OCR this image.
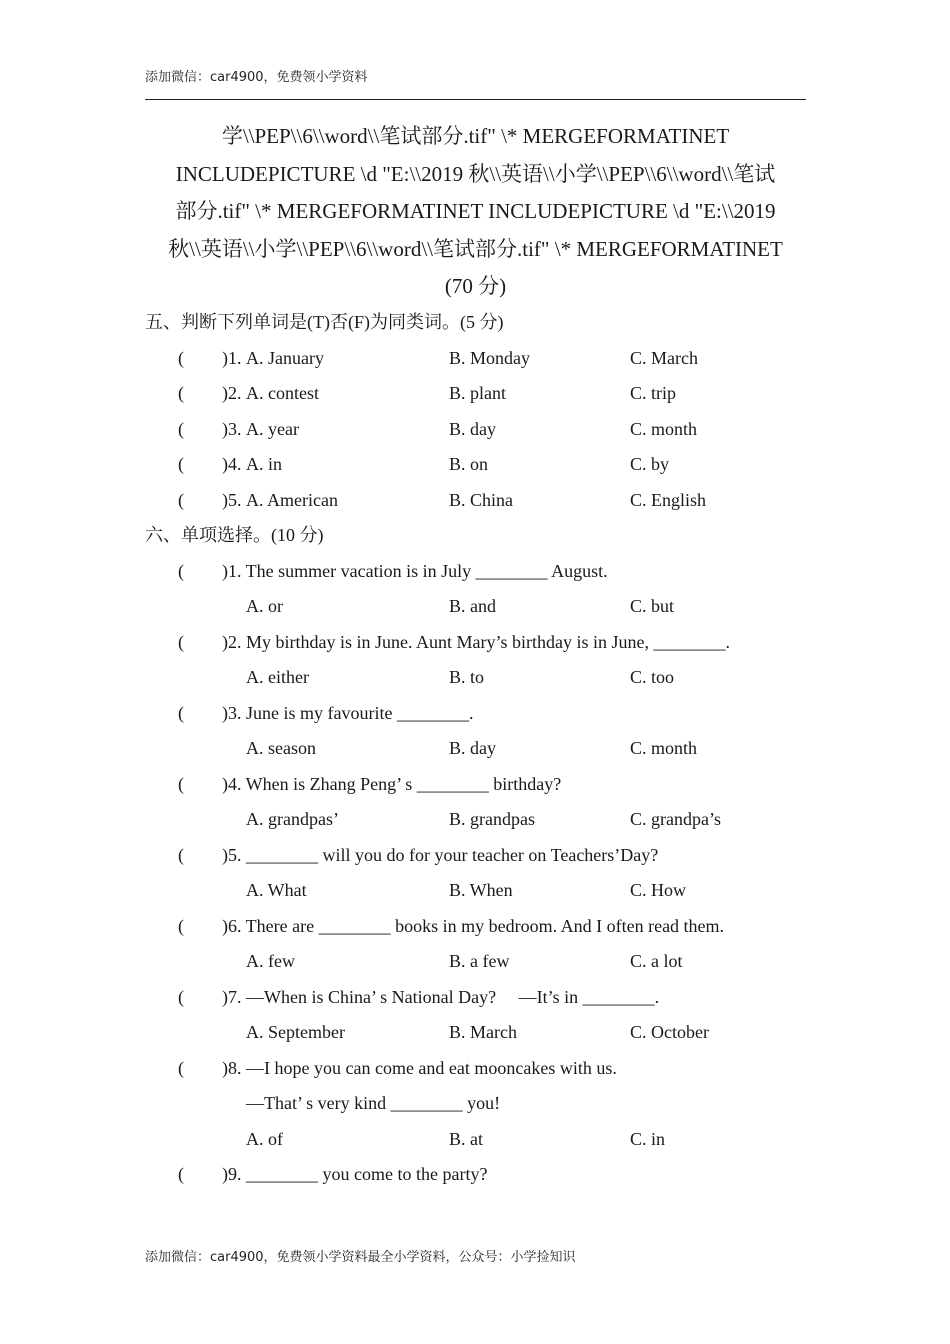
添加微信：car4900，免费领小学资料
学\\PEP\\6\\word\\笔试部分.tif" \* MERGEFORMATINET
INCLUDEPICTURE \d "E:\\2019 秋\\英语\\小学\\PEP\\6\\word\\笔试
部分.tif" \* MERGEFORMATINET INCLUDEPICTURE \d "E:\\2019
秋\\英语\\小学\\PEP\\6\\word\\笔试部分.tif" \* MERGEFORMATINET
(70 分)
五、判断下列单词是(T)否(F)为同类词。(5 分)
( )1. A. January	B. Monday	C. March
( )2. A. contest	B. plant	C. trip
( )3. A. year	B. day	C. month
( )4. A. in	B. on	C. by
( )5. A. American	B. China	C. English
六、单项选择。(10 分)
( )1. The summer vacation is in July ________ August.
A. or	B. and	C. but
( )2. My birthday is in June. Aunt Mary’s birthday is in June, ________.
A. either	B. to	C. too
( )3. June is my favourite ________.
A. season	B. day	C. month
( )4. When is Zhang Peng’ s ________ birthday?
A. grandpas’	B. grandpas	C. grandpa’s
( )5. ________ will you do for your teacher on Teachers’Day?
A. What	B. When	C. How
( )6. There are ________ books in my bedroom. And I often read them.
A. few	B. a few	C. a lot
( )7. —When is China’ s National Day?     —It’s in ________.
A. September	B. March	C. October
( )8. —I hope you can come and eat mooncakes with us.
—That’ s very kind ________ you!
A. of	B. at	C. in
( )9. ________ you come to the party?
添加微信：car4900，免费领小学资料最全小学资料，公众号：小学捡知识
